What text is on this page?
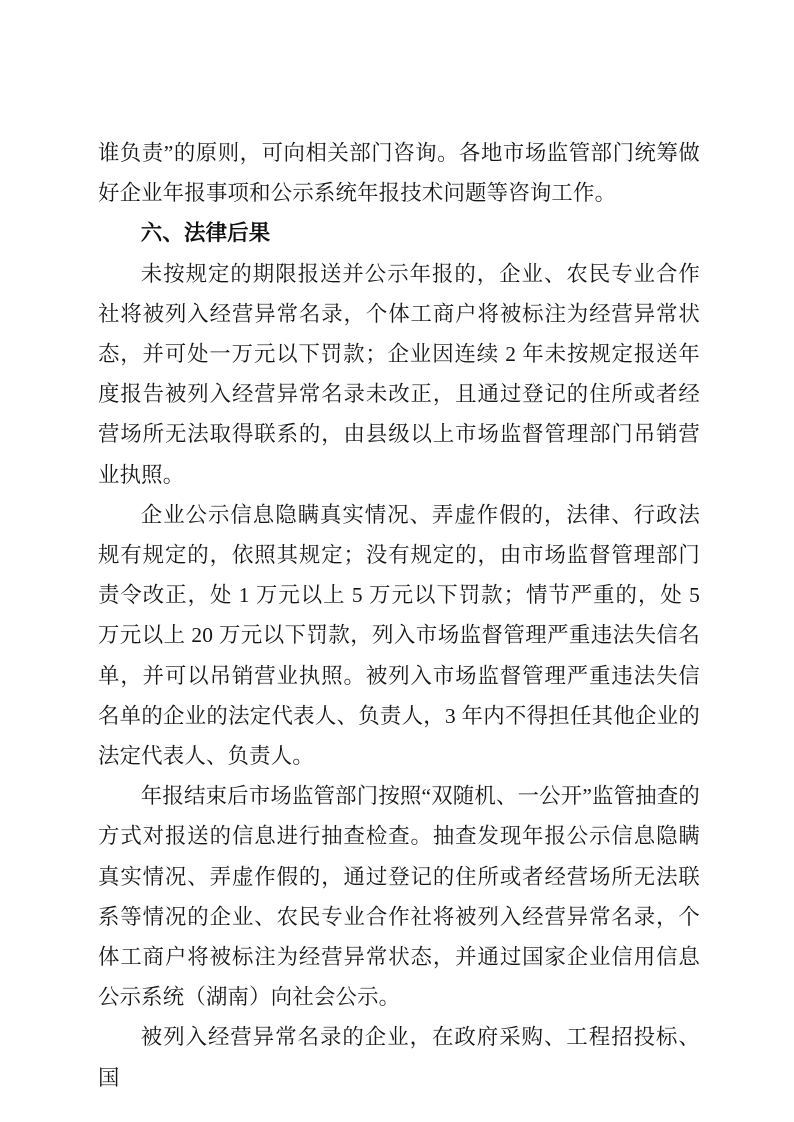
谁负责”的原则，可向相关部门咨询。各地市场监管部门统筹做好企业年报事项和公示系统年报技术问题等咨询工作。

六、法律后果

未按规定的期限报送并公示年报的，企业、农民专业合作社将被列入经营异常名录，个体工商户将被标注为经营异常状态，并可处一万元以下罚款；企业因连续 2 年未按规定报送年度报告被列入经营异常名录未改正，且通过登记的住所或者经营场所无法取得联系的，由县级以上市场监督管理部门吊销营业执照。

企业公示信息隐瞒真实情况、弄虚作假的，法律、行政法规有规定的，依照其规定；没有规定的，由市场监督管理部门责令改正，处 1 万元以上 5 万元以下罚款；情节严重的，处 5 万元以上 20 万元以下罚款，列入市场监督管理严重违法失信名单，并可以吊销营业执照。被列入市场监督管理严重违法失信名单的企业的法定代表人、负责人，3 年内不得担任其他企业的法定代表人、负责人。

年报结束后市场监管部门按照“双随机、一公开”监管抽查的方式对报送的信息进行抽查检查。抽查发现年报公示信息隐瞒真实情况、弄虚作假的，通过登记的住所或者经营场所无法联系等情况的企业、农民专业合作社将被列入经营异常名录，个体工商户将被标注为经营异常状态，并通过国家企业信用信息公示系统（湖南）向社会公示。

被列入经营异常名录的企业，在政府采购、工程招投标、国
